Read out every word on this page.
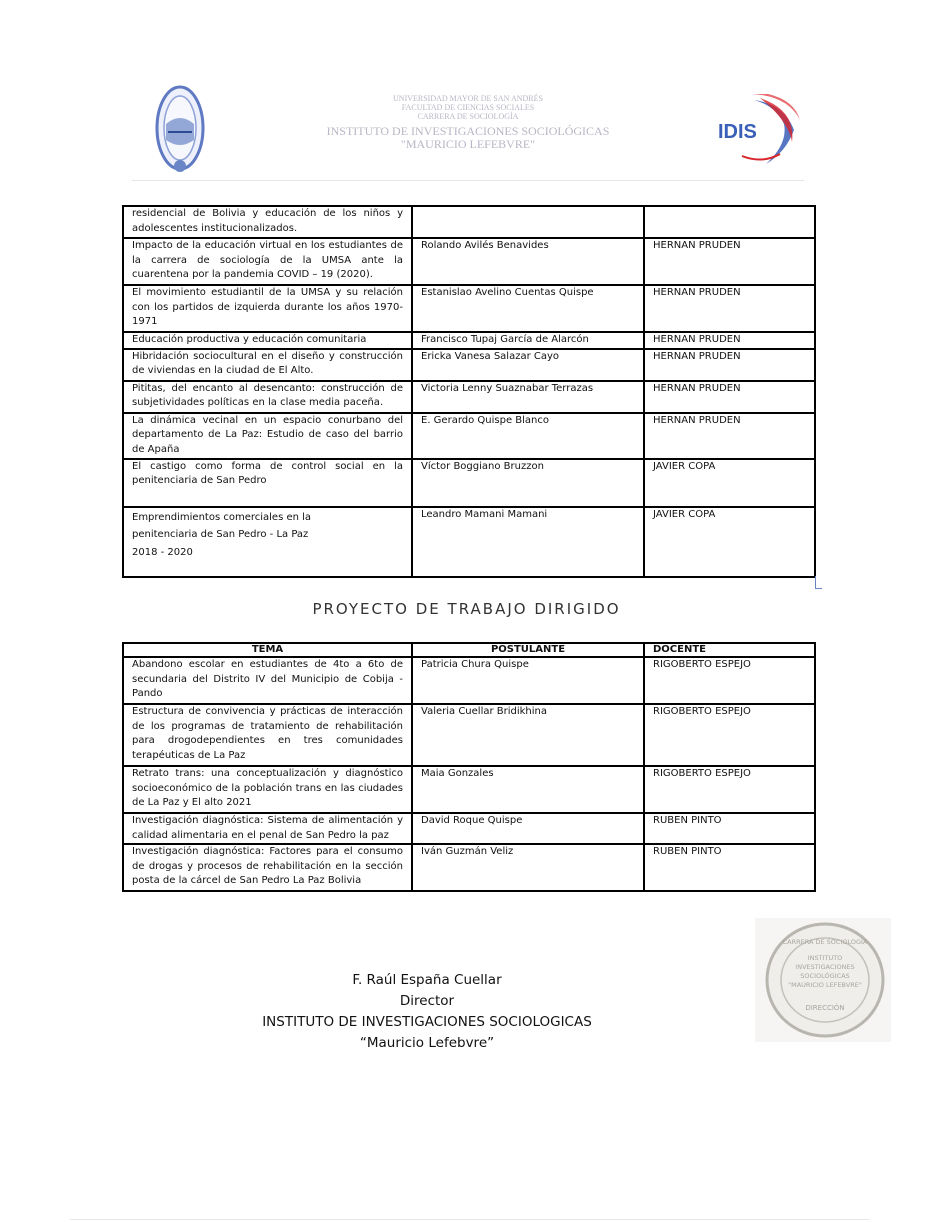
UNIVERSIDAD MAYOR DE SAN ANDRÉS
FACULTAD DE CIENCIAS SOCIALES
CARRERA DE SOCIOLOGÍA
INSTITUTO DE INVESTIGACIONES SOCIOLÓGICAS
"MAURICIO LEFEBVRE"
IDIS
residencial de Bolivia y educación de los niños y adolescentes institucionalizados.		
Impacto de la educación virtual en los estudiantes de la carrera de sociología de la UMSA ante la cuarentena por la pandemia COVID – 19 (2020).	Rolando Avilés Benavides	HERNAN PRUDEN
El movimiento estudiantil de la UMSA y su relación con los partidos de izquierda durante los años 1970-1971	Estanislao Avelino Cuentas Quispe	HERNAN PRUDEN
Educación productiva y educación comunitaria	Francisco Tupaj García de Alarcón	HERNAN PRUDEN
Hibridación sociocultural en el diseño y construcción de viviendas en la ciudad de El Alto.	Ericka Vanesa Salazar Cayo	HERNAN PRUDEN
Pititas, del encanto al desencanto: construcción de subjetividades políticas en la clase media paceña.	Victoria Lenny Suaznabar Terrazas	HERNAN PRUDEN
La dinámica vecinal en un espacio conurbano del departamento de La Paz: Estudio de caso del barrio de Apaña	E. Gerardo Quispe Blanco	HERNAN PRUDEN
El castigo como forma de control social en la penitenciaria de San Pedro	Víctor Boggiano Bruzzon	JAVIER COPA

Emprendimientos comerciales en la
penitenciaria de San Pedro - La Paz
2018 - 2020	Leandro Mamani Mamani	JAVIER COPA
PROYECTO DE TRABAJO DIRIGIDO
TEMA	POSTULANTE	DOCENTE
Abandono escolar en estudiantes de 4to a 6to de secundaria del Distrito IV del Municipio de Cobija - Pando	Patricia Chura Quispe	RIGOBERTO ESPEJO
Estructura de convivencia y prácticas de interacción de los programas de tratamiento de rehabilitación para drogodependientes en tres comunidades terapéuticas de La Paz	Valeria Cuellar Bridikhina	RIGOBERTO ESPEJO
Retrato trans: una conceptualización y diagnóstico socioeconómico de la población trans en las ciudades de La Paz y El alto 2021	Maia Gonzales	RIGOBERTO ESPEJO
Investigación diagnóstica: Sistema de alimentación y calidad alimentaria en el penal de San Pedro la paz	David Roque Quispe	RUBEN PINTO
Investigación diagnóstica: Factores para el consumo de drogas y procesos de rehabilitación en la sección posta de la cárcel de San Pedro La Paz Bolivia	Iván Guzmán Veliz	RUBEN PINTO
F. Raúl España Cuellar
Director
INSTITUTO DE INVESTIGACIONES SOCIOLOGICAS
“Mauricio Lefebvre”
CARRERA DE SOCIOLOGÍA
INSTITUTO
INVESTIGACIONES
SOCIOLÓGICAS
"MAURICIO LEFEBVRE"
DIRECCIÓN
